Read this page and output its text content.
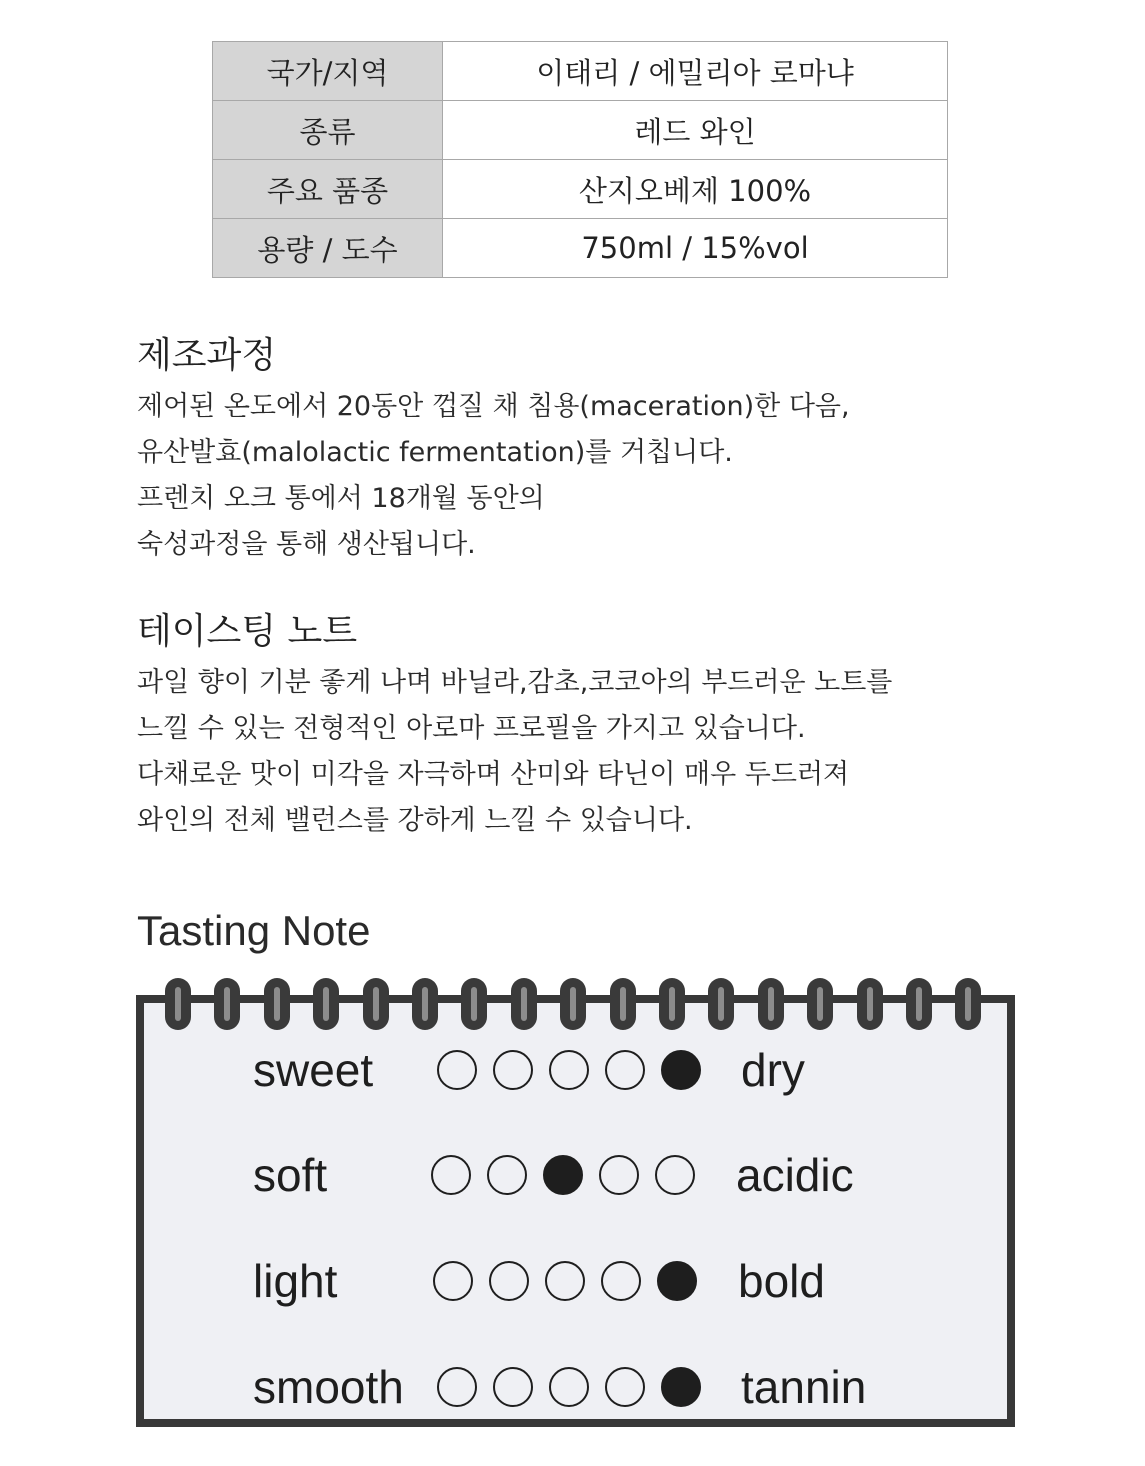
국가/지역	이태리 / 에밀리아 로마냐
종류	레드 와인
주요 품종	산지오베제 100%
용량 / 도수	750ml / 15%vol
제조과정
제어된 온도에서 20동안 껍질 채 침용(maceration)한 다음,
유산발효(malolactic fermentation)를 거칩니다.
프렌치 오크 통에서 18개월 동안의
숙성과정을 통해 생산됩니다.
테이스팅 노트
과일 향이 기분 좋게 나며 바닐라,감초,코코아의 부드러운 노트를
느낄 수 있는 전형적인 아로마 프로필을 가지고 있습니다.
다채로운 맛이 미각을 자극하며 산미와 타닌이 매우 두드러져
와인의 전체 밸런스를 강하게 느낄 수 있습니다.
Tasting Note
sweet	dry
soft	acidic
light	bold
smooth	tannin
